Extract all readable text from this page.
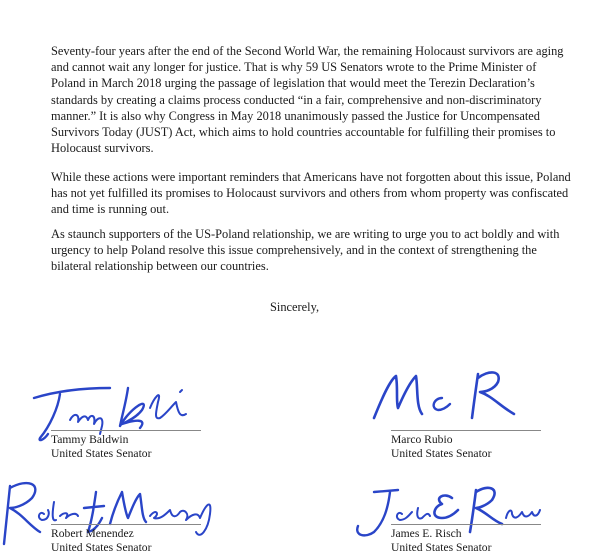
Seventy-four years after the end of the Second World War, the remaining Holocaust survivors are aging and cannot wait any longer for justice. That is why 59 US Senators wrote to the Prime Minister of Poland in March 2018 urging the passage of legislation that would meet the Terezin Declaration’s standards by creating a claims process conducted “in a fair, comprehensive and non-discriminatory manner.” It is also why Congress in May 2018 unanimously passed the Justice for Uncompensated Survivors Today (JUST) Act, which aims to hold countries accountable for fulfilling their promises to Holocaust survivors.

While these actions were important reminders that Americans have not forgotten about this issue, Poland has not yet fulfilled its promises to Holocaust survivors and others from whom property was confiscated and time is running out.

As staunch supporters of the US-Poland relationship, we are writing to urge you to act boldly and with urgency to help Poland resolve this issue comprehensively, and in the context of strengthening the bilateral relationship between our countries.

Sincerely,
Tammy Baldwin
United States Senator
Marco Rubio
United States Senator
Robert Menendez
United States Senator
James E. Risch
United States Senator
